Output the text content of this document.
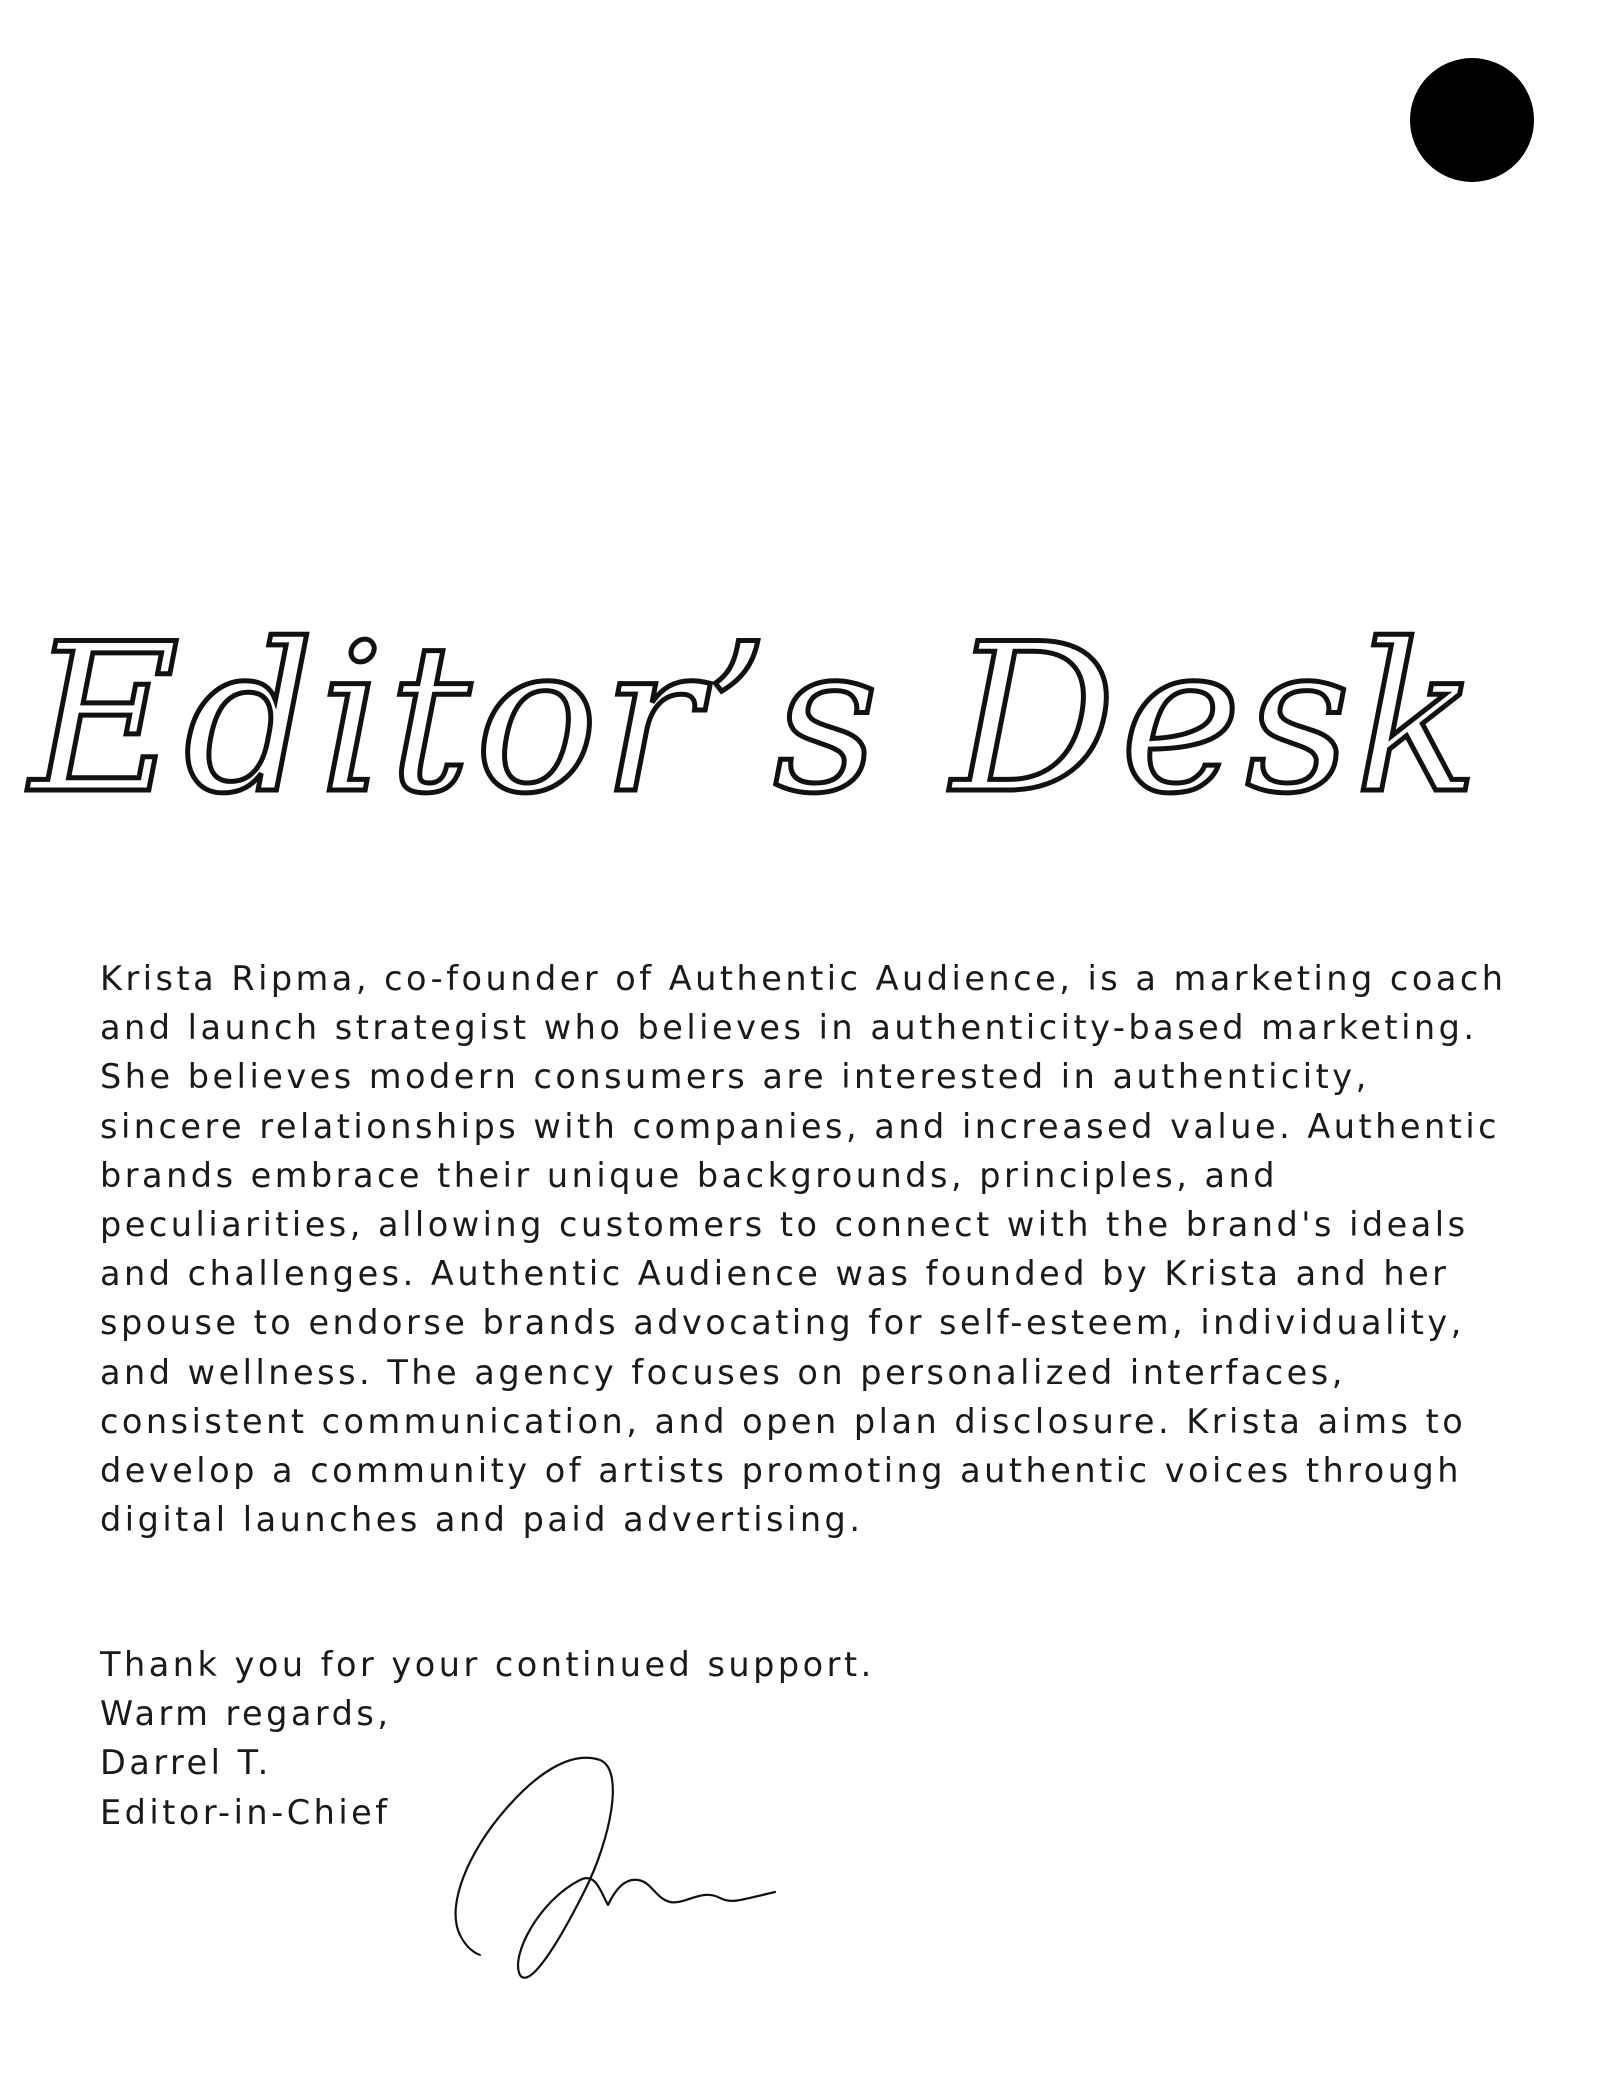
Editor’s Desk

Krista Ripma, co-founder of Authentic Audience, is a marketing coach and launch strategist who believes in authenticity-based marketing. She believes modern consumers are interested in authenticity, sincere relationships with companies, and increased value. Authentic brands embrace their unique backgrounds, principles, and peculiarities, allowing customers to connect with the brand's ideals and challenges. Authentic Audience was founded by Krista and her spouse to endorse brands advocating for self-esteem, individuality, and wellness. The agency focuses on personalized interfaces, consistent communication, and open plan disclosure. Krista aims to develop a community of artists promoting authentic voices through digital launches and paid advertising.

Thank you for your continued support.
Warm regards,
Darrel T.
Editor-in-Chief
